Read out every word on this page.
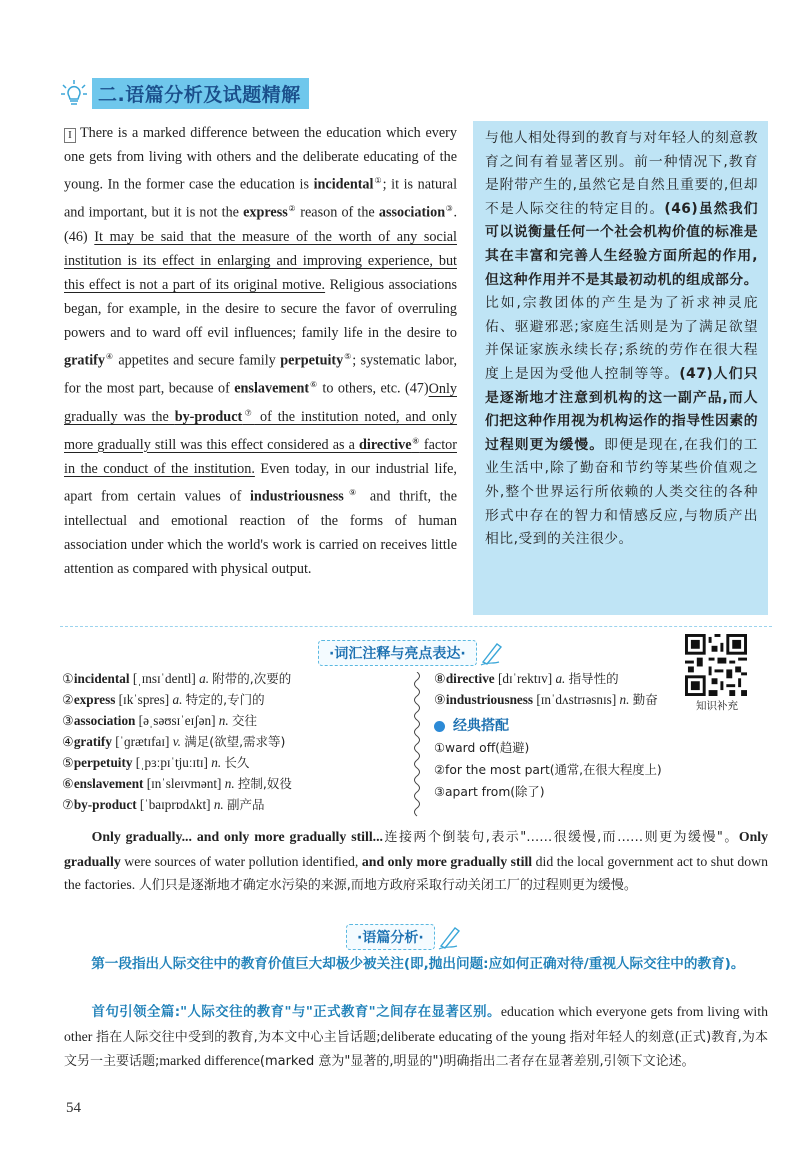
二.语篇分析及试题精解
I There is a marked difference between the education which every one gets from living with others and the deliberate educating of the young. In the former case the education is incidental①; it is natural and important, but it is not the express② reason of the association③. (46) It may be said that the measure of the worth of any social institution is its effect in enlarging and improving experience, but this effect is not a part of its original motive. Religious associations began, for example, in the desire to secure the favor of overruling powers and to ward off evil influences; family life in the desire to gratify④ appetites and secure family perpetuity⑤; systematic labor, for the most part, because of enslavement⑥ to others, etc. (47)Only gradually was the by-product⑦ of the institution noted, and only more gradually still was this effect considered as a directive⑧ factor in the conduct of the institution. Even today, in our industrial life, apart from certain values of industriousness⑨ and thrift, the intellectual and emotional reaction of the forms of human association under which the world's work is carried on receives little attention as compared with physical output.
与他人相处得到的教育与对年轻人的刻意教育之间有着显著区别。前一种情况下,教育是附带产生的,虽然它是自然且重要的,但却不是人际交往的特定目的。(46)虽然我们可以说衡量任何一个社会机构价值的标准是其在丰富和完善人生经验方面所起的作用,但这种作用并不是其最初动机的组成部分。比如,宗教团体的产生是为了祈求神灵庇佑、驱避邪恶;家庭生活则是为了满足欲望并保证家族永续长存;系统的劳作在很大程度上是因为受他人控制等等。(47)人们只是逐渐地才注意到机构的这一副产品,而人们把这种作用视为机构运作的指导性因素的过程则更为缓慢。即便是现在,在我们的工业生活中,除了勤奋和节约等某些价值观之外,整个世界运行所依赖的人类交往的各种形式中存在的智力和情感反应,与物质产出相比,受到的关注很少。
·词汇注释与亮点表达·
知识补充
①incidental [ˌɪnsɪˈdentl] a. 附带的,次要的
②express [ɪkˈspres] a. 特定的,专门的
③association [əˌsəʊsɪˈeɪʃən] n. 交往
④gratify [ˈɡrætɪfaɪ] v. 满足(欲望,需求等)
⑤perpetuity [ˌpɜːpɪˈtjuːɪtɪ] n. 长久
⑥enslavement [ɪnˈsleɪvmənt] n. 控制,奴役
⑦by-product [ˈbaɪprɒdʌkt] n. 副产品
⑧directive [dɪˈrektɪv] a. 指导性的
⑨industriousness [ɪnˈdʌstrɪəsnɪs] n. 勤奋
经典搭配
①ward off(趋避)
②for the most part(通常,在很大程度上)
③apart from(除了)
Only gradually... and only more gradually still...连接两个倒装句,表示"……很缓慢,而……则更为缓慢"。Only gradually were sources of water pollution identified, and only more gradually still did the local government act to shut down the factories. 人们只是逐渐地才确定水污染的来源,而地方政府采取行动关闭工厂的过程则更为缓慢。
·语篇分析·
第一段指出人际交往中的教育价值巨大却极少被关注(即,抛出问题:应如何正确对待/重视人际交往中的教育)。
首句引领全篇:"人际交往的教育"与"正式教育"之间存在显著区别。education which everyone gets from living with other 指在人际交往中受到的教育,为本文中心主旨话题;deliberate educating of the young 指对年轻人的刻意(正式)教育,为本文另一主要话题;marked difference(marked 意为"显著的,明显的")明确指出二者存在显著差别,引领下文论述。
54
